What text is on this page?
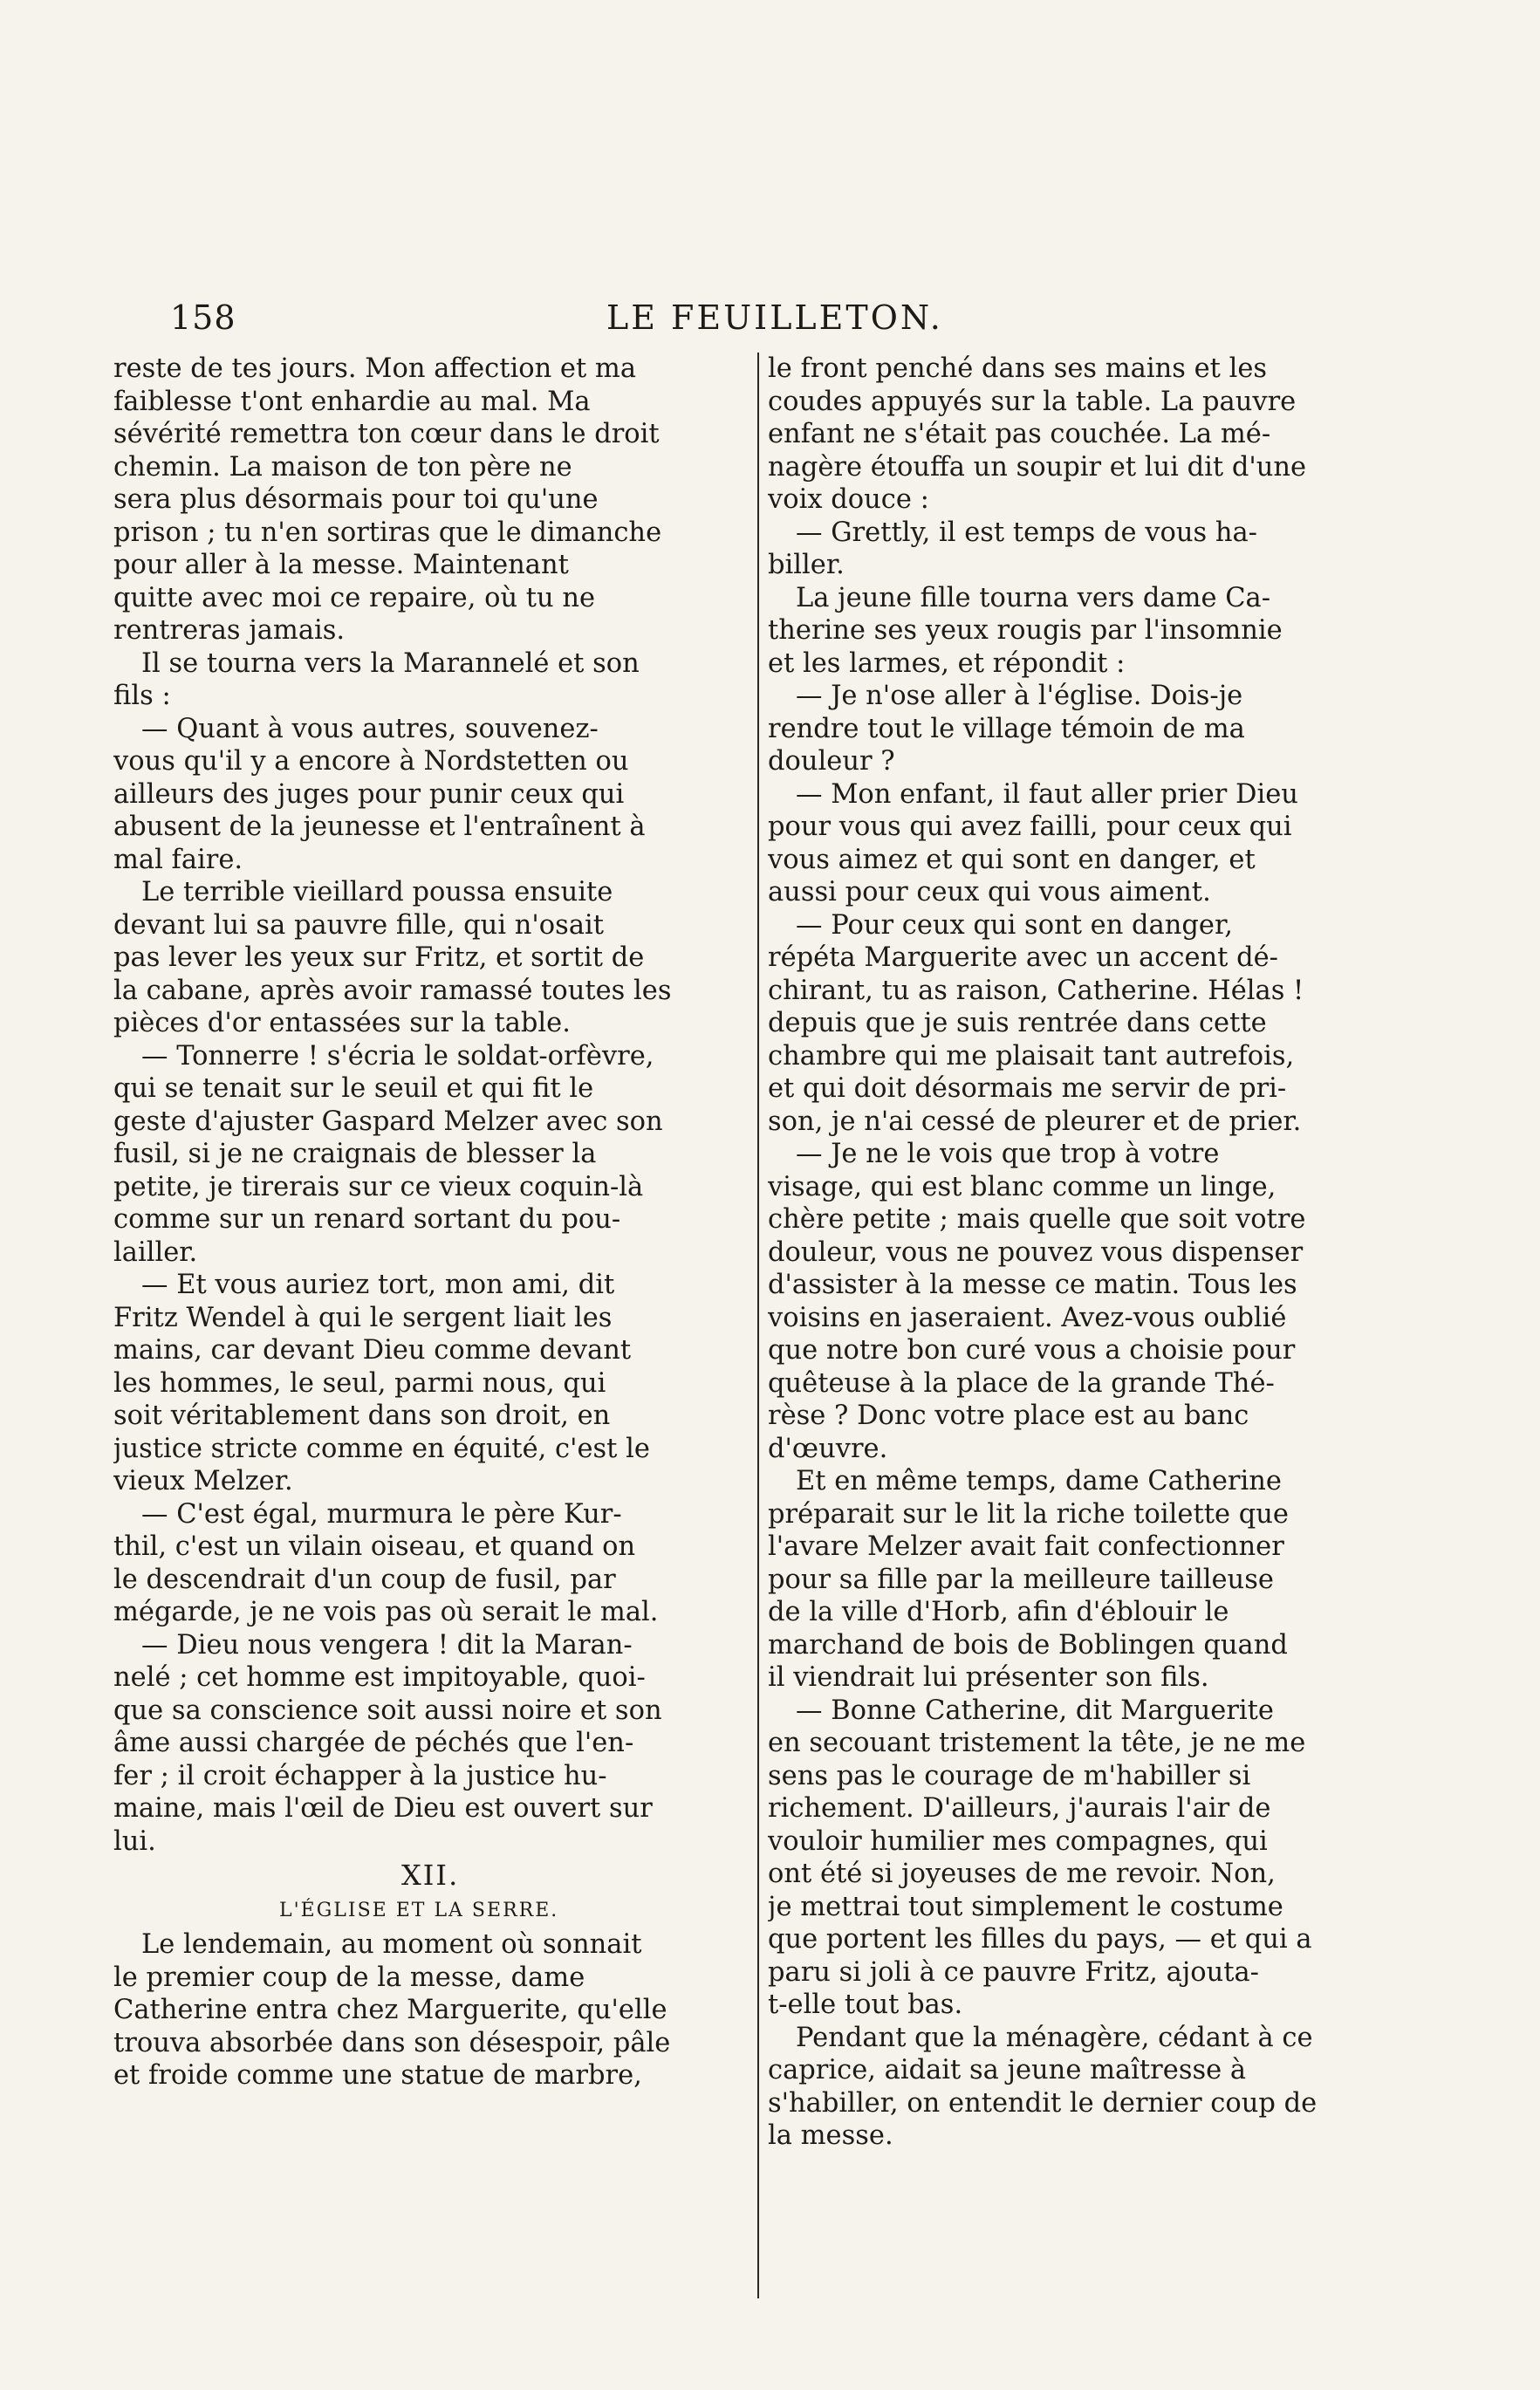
158	LE FEUILLETON.
reste de tes jours. Mon affection et ma
faiblesse t'ont enhardie au mal. Ma
sévérité remettra ton cœur dans le droit
chemin. La maison de ton père ne
sera plus désormais pour toi qu'une
prison ; tu n'en sortiras que le dimanche
pour aller à la messe. Maintenant
quitte avec moi ce repaire, où tu ne
rentreras jamais.
Il se tourna vers la Marannelé et son
fils :
— Quant à vous autres, souvenez-
vous qu'il y a encore à Nordstetten ou
ailleurs des juges pour punir ceux qui
abusent de la jeunesse et l'entraînent à
mal faire.
Le terrible vieillard poussa ensuite
devant lui sa pauvre fille, qui n'osait
pas lever les yeux sur Fritz, et sortit de
la cabane, après avoir ramassé toutes les
pièces d'or entassées sur la table.
— Tonnerre ! s'écria le soldat-orfèvre,
qui se tenait sur le seuil et qui fit le
geste d'ajuster Gaspard Melzer avec son
fusil, si je ne craignais de blesser la
petite, je tirerais sur ce vieux coquin-là
comme sur un renard sortant du pou-
lailler.
— Et vous auriez tort, mon ami, dit
Fritz Wendel à qui le sergent liait les
mains, car devant Dieu comme devant
les hommes, le seul, parmi nous, qui
soit véritablement dans son droit, en
justice stricte comme en équité, c'est le
vieux Melzer.
— C'est égal, murmura le père Kur-
thil, c'est un vilain oiseau, et quand on
le descendrait d'un coup de fusil, par
mégarde, je ne vois pas où serait le mal.
— Dieu nous vengera ! dit la Maran-
nelé ; cet homme est impitoyable, quoi-
que sa conscience soit aussi noire et son
âme aussi chargée de péchés que l'en-
fer ; il croit échapper à la justice hu-
maine, mais l'œil de Dieu est ouvert sur
lui.
XII.
L'ÉGLISE ET LA SERRE.
Le lendemain, au moment où sonnait
le premier coup de la messe, dame
Catherine entra chez Marguerite, qu'elle
trouva absorbée dans son désespoir, pâle
et froide comme une statue de marbre,
le front penché dans ses mains et les
coudes appuyés sur la table. La pauvre
enfant ne s'était pas couchée. La mé-
nagère étouffa un soupir et lui dit d'une
voix douce :
— Grettly, il est temps de vous ha-
biller.
La jeune fille tourna vers dame Ca-
therine ses yeux rougis par l'insomnie
et les larmes, et répondit :
— Je n'ose aller à l'église. Dois-je
rendre tout le village témoin de ma
douleur ?
— Mon enfant, il faut aller prier Dieu
pour vous qui avez failli, pour ceux qui
vous aimez et qui sont en danger, et
aussi pour ceux qui vous aiment.
— Pour ceux qui sont en danger,
répéta Marguerite avec un accent dé-
chirant, tu as raison, Catherine. Hélas !
depuis que je suis rentrée dans cette
chambre qui me plaisait tant autrefois,
et qui doit désormais me servir de pri-
son, je n'ai cessé de pleurer et de prier.
— Je ne le vois que trop à votre
visage, qui est blanc comme un linge,
chère petite ; mais quelle que soit votre
douleur, vous ne pouvez vous dispenser
d'assister à la messe ce matin. Tous les
voisins en jaseraient. Avez-vous oublié
que notre bon curé vous a choisie pour
quêteuse à la place de la grande Thé-
rèse ? Donc votre place est au banc
d'œuvre.
Et en même temps, dame Catherine
préparait sur le lit la riche toilette que
l'avare Melzer avait fait confectionner
pour sa fille par la meilleure tailleuse
de la ville d'Horb, afin d'éblouir le
marchand de bois de Boblingen quand
il viendrait lui présenter son fils.
— Bonne Catherine, dit Marguerite
en secouant tristement la tête, je ne me
sens pas le courage de m'habiller si
richement. D'ailleurs, j'aurais l'air de
vouloir humilier mes compagnes, qui
ont été si joyeuses de me revoir. Non,
je mettrai tout simplement le costume
que portent les filles du pays, — et qui a
paru si joli à ce pauvre Fritz, ajouta-
t-elle tout bas.
Pendant que la ménagère, cédant à ce
caprice, aidait sa jeune maîtresse à
s'habiller, on entendit le dernier coup de
la messe.
